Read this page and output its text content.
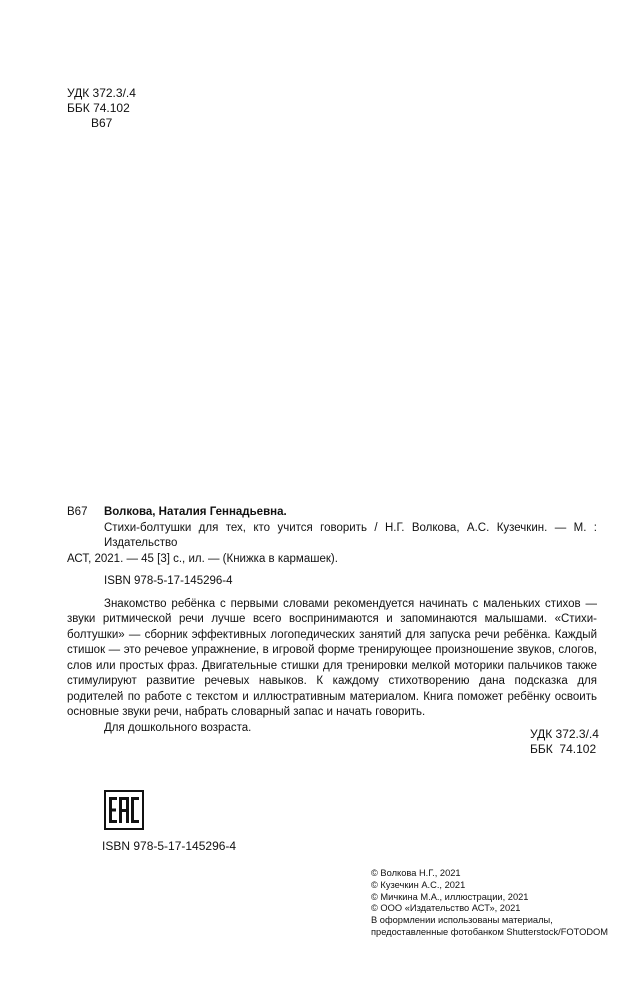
УДК 372.3/.4
ББК 74.102
В67
В67	Волкова, Наталия Геннадьевна.
Стихи-болтушки для тех, кто учится говорить / Н.Г. Волкова, А.С. Кузечкин. — М. : Издательство
АСТ, 2021. — 45 [3] с., ил. — (Книжка в кармашек).
ISBN 978-5-17-145296-4
Знакомство ребёнка с первыми словами рекомендуется начинать с маленьких стихов — звуки ритмической речи лучше всего воспринимаются и запоминаются малышами. «Стихи-болтушки» — сборник эффективных логопедических занятий для запуска речи ребёнка. Каждый стишок — это речевое упражнение, в игровой форме тренирующее произношение звуков, слогов, слов или простых фраз. Двигательные стишки для тренировки мелкой моторики пальчиков также стимулируют развитие речевых навыков. К каждому стихотворению дана подсказка для родителей по работе с текстом и иллюстративным материалом. Книга поможет ребёнку освоить основные звуки речи, набрать словарный запас и начать говорить.
Для дошкольного возраста.	УДК 372.3/.4
ББК  74.102
ISBN 978-5-17-145296-4
© Волкова Н.Г., 2021
© Кузечкин А.С., 2021
© Мичкина М.А., иллюстрации, 2021
© ООО «Издательство АСТ», 2021
В оформлении использованы материалы,
предоставленные фотобанком Shutterstock/FOTODOM
